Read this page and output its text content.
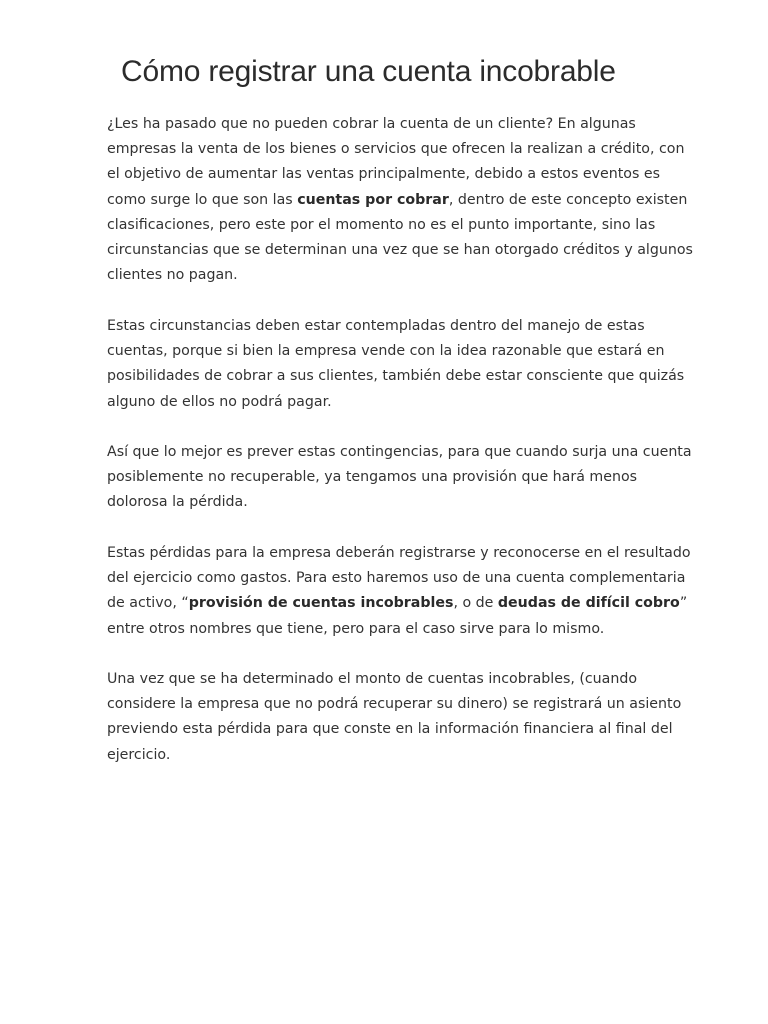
Cómo registrar una cuenta incobrable
¿Les ha pasado que no pueden cobrar la cuenta de un cliente? En algunas
empresas la venta de los bienes o servicios que ofrecen la realizan a crédito, con
el objetivo de aumentar las ventas principalmente, debido a estos eventos es
como surge lo que son las cuentas por cobrar, dentro de este concepto existen
clasificaciones, pero este por el momento no es el punto importante, sino las
circunstancias que se determinan una vez que se han otorgado créditos y algunos
clientes no pagan.
Estas circunstancias deben estar contempladas dentro del manejo de estas
cuentas, porque si bien la empresa vende con la idea razonable que estará en
posibilidades de cobrar a sus clientes, también debe estar consciente que quizás
alguno de ellos no podrá pagar.
Así que lo mejor es prever estas contingencias, para que cuando surja una cuenta
posiblemente no recuperable, ya tengamos una provisión que hará menos
dolorosa la pérdida.
Estas pérdidas para la empresa deberán registrarse y reconocerse en el resultado
del ejercicio como gastos. Para esto haremos uso de una cuenta complementaria
de activo, “provisión de cuentas incobrables, o de deudas de difícil cobro”
entre otros nombres que tiene, pero para el caso sirve para lo mismo.
Una vez que se ha determinado el monto de cuentas incobrables, (cuando
considere la empresa que no podrá recuperar su dinero) se registrará un asiento
previendo esta pérdida para que conste en la información financiera al final del
ejercicio.
